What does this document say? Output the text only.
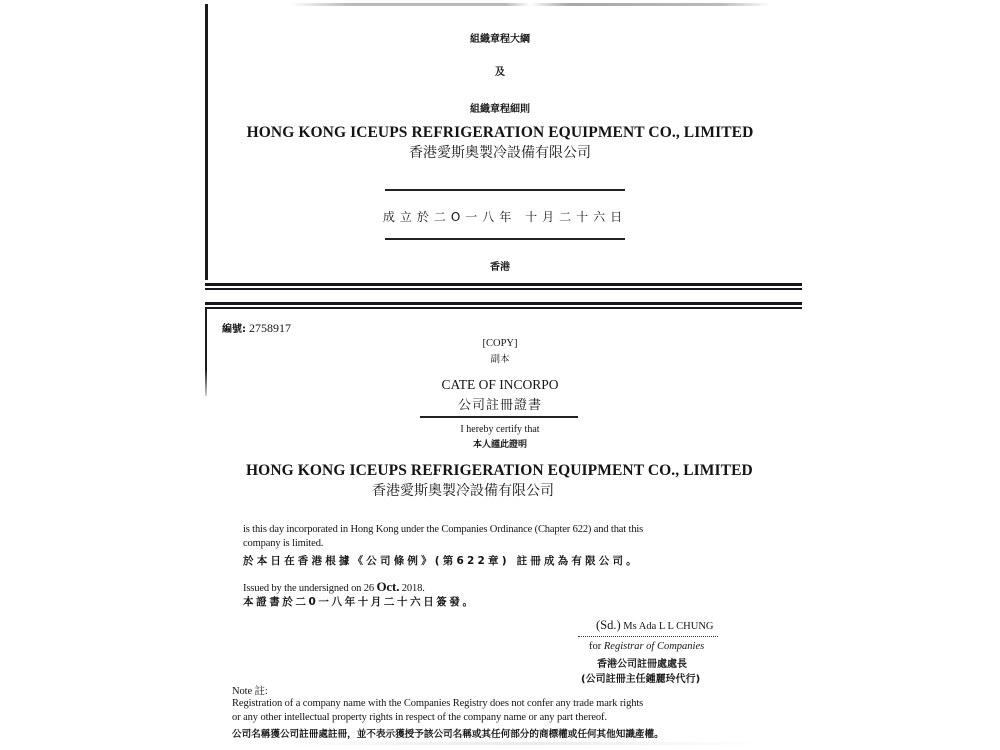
組織章程大綱
及
組織章程細則
HONG KONG ICEUPS REFRIGERATION EQUIPMENT CO., LIMITED
香港愛斯奧製冷設備有限公司
成立於二O一八年 十月二十六日
香港
編號: 2758917
[COPY]
副本
CATE OF INCORPO
公司註冊證書
I hereby certify that
本人謹此證明
HONG KONG ICEUPS REFRIGERATION EQUIPMENT CO., LIMITED
香港愛斯奧製冷設備有限公司
is this day incorporated in Hong Kong under the Companies Ordinance (Chapter 622) and that this
company is limited.
於本日在香港根據《公司條例》(第622章) 註冊成為有限公司。
Issued by the undersigned on 26 Oct. 2018.
本證書於二0一八年十月二十六日簽發。
(Sd.) Ms Ada L L CHUNG
for Registrar of Companies
香港公司註冊處處長
(公司註冊主任鍾麗玲代行)
Note 註:
Registration of a company name with the Companies Registry does not confer any trade mark rights
or any other intellectual property rights in respect of the company name or any part thereof.
公司名稱獲公司註冊處註冊，並不表示獲授予該公司名稱或其任何部分的商標權或任何其他知識產權。
